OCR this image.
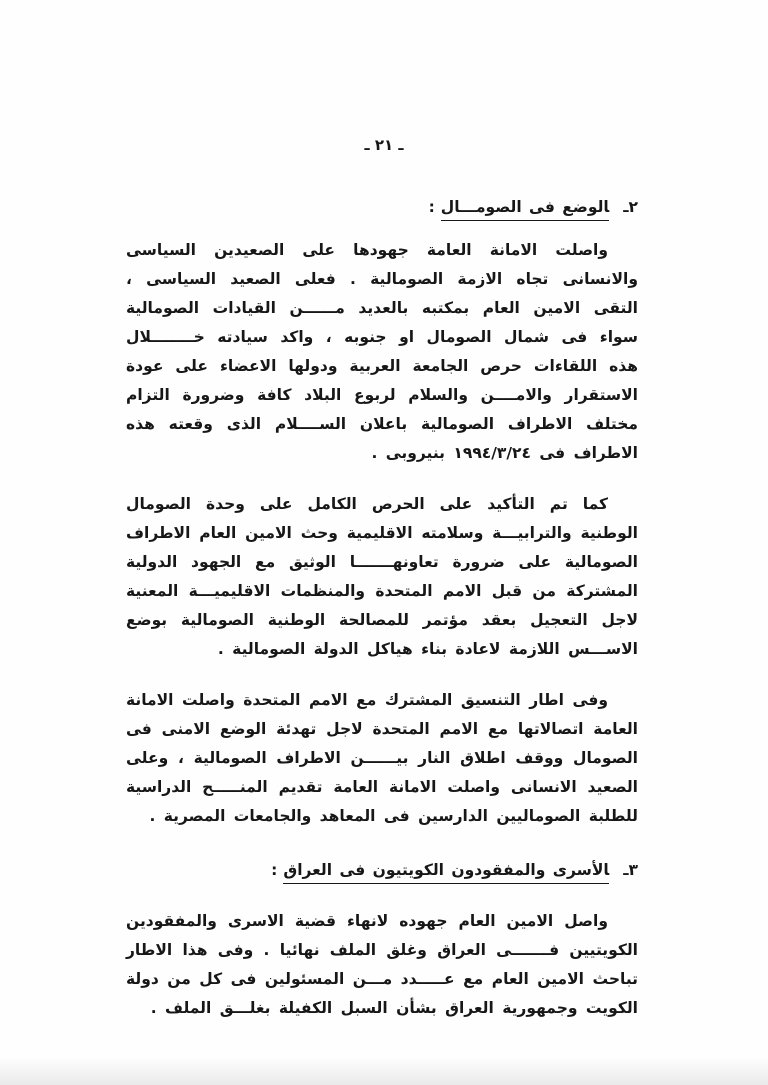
ـ ٢١ ـ
٢ـالوضع فى الصومـــال:

واصلت الامانة العامة جهودها على الصعيدين السياسى والانسانى تجاه الازمة الصومالية . فعلى الصعيد السياسى ، التقى الامين العام بمكتبه بالعديد مــــــن القيادات الصومالية سواء فى شمال الصومال او جنوبه ، واكد سيادته خــــــــلال هذه اللقاءات حرص الجامعة العربية ودولها الاعضاء على عودة الاستقرار والامــــن والسلام لربوع البلاد كافة وضرورة التزام مختلف الاطراف الصومالية باعلان الســــلام الذى وقعته هذه الاطراف فى ١٩٩٤/٣/٢٤ بنيروبى .

كما تم التأكيد على الحرص الكامل على وحدة الصومال الوطنية والترابيـــة وسلامته الاقليمية وحث الامين العام الاطراف الصومالية على ضرورة تعاونهـــــــا الوثيق مع الجهود الدولية المشتركة من قبل الامم المتحدة والمنظمات الاقليميـــة المعنية لاجل التعجيل بعقد مؤتمر للمصالحة الوطنية الصومالية بوضع الاســـس اللازمة لاعادة بناء هياكل الدولة الصومالية .

وفى اطار التنسيق المشترك مع الامم المتحدة واصلت الامانة العامة اتصالاتها مع الامم المتحدة لاجل تهدئة الوضع الامنى فى الصومال ووقف اطلاق النار بيــــــن الاطراف الصومالية ، وعلى الصعيد الانسانى واصلت الامانة العامة تقديم المنـــــح الدراسية للطلبة الصوماليين الدارسين فى المعاهد والجامعات المصرية .

٣ـالأسرى والمفقودون الكويتيون فى العراق:

واصل الامين العام جهوده لانهاء قضية الاسرى والمفقودين الكويتيين فـــــــى العراق وغلق الملف نهائيا . وفى هذا الاطار تباحث الامين العام مع عـــــدد مـــن المسئولين فى كل من دولة الكويت وجمهورية العراق بشأن السبل الكفيلة بغلـــق الملف .
